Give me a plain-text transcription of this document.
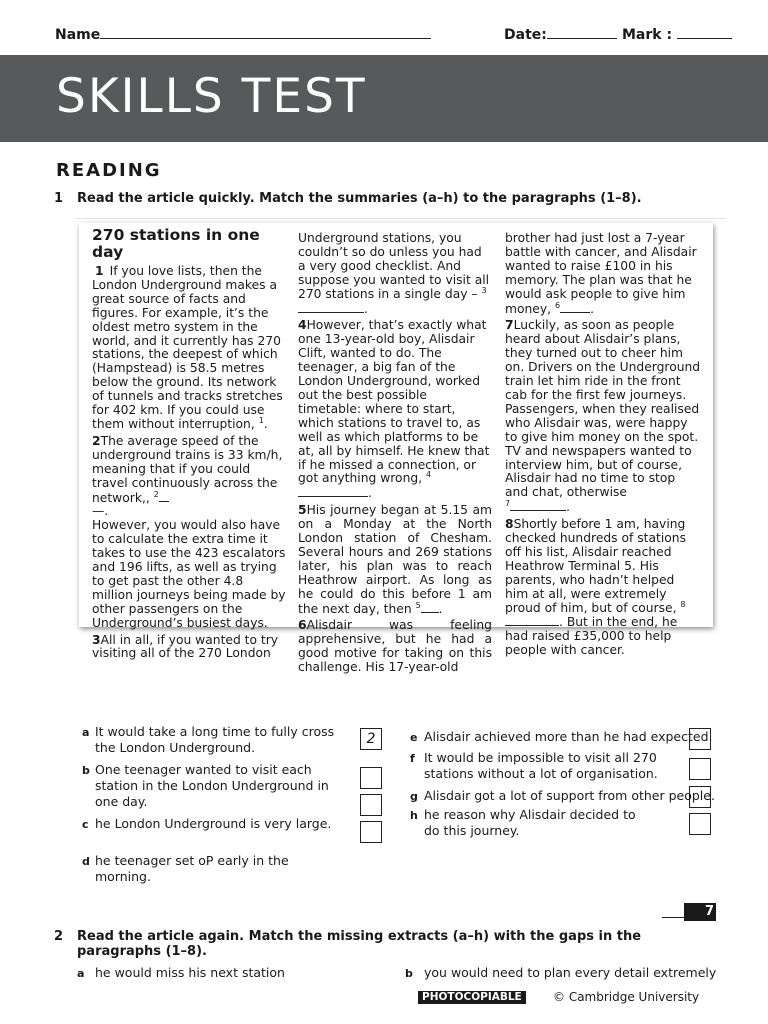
Name	Date:	Mark :
SKILLS TEST
READING
1 Read the article quickly. Match the summaries (a–h) to the paragraphs (1–8).
270 stations in one day

1 If you love lists, then the London Underground makes a great source of facts and figures. For example, it’s the oldest metro system in the world, and it currently has 270 stations, the deepest of which (Hampstead) is 58.5 metres below the ground. Its network of tunnels and tracks stretches for 402 km. If you could use them without interruption, $^1$.

2The average speed of the underground trains is 33 km/h, meaning that if you could travel continuously across the network,, $^2$

—.

However, you would also have to calculate the extra time it takes to use the 423 escalators and 196 lifts, as well as trying to get past the other 4.8 million journeys being made by other passengers on the Underground’s busiest days.

3All in all, if you wanted to try visiting all of the 270 London

Underground stations, you couldn’t so do unless you had a very good checklist. And suppose you wanted to visit all 270 stations in a single day – $^3$.

4However, that’s exactly what one 13-year-old boy, Alisdair Clift, wanted to do. The teenager, a big fan of the London Underground, worked out the best possible timetable: where to start, which stations to travel to, as well as which platforms to be at, all by himself. He knew that if he missed a connection, or got anything wrong, $^4$.

5His journey began at 5.15 am on a Monday at the North London station of Chesham. Several hours and 269 stations later, his plan was to reach Heathrow airport. As long as he could do this before 1 am the next day, then $^5$ .

6Alisdair was feeling apprehensive, but he had a good motive for taking on this challenge. His 17-year-old

brother had just lost a 7-year battle with cancer, and Alisdair wanted to raise £100 in his memory. The plan was that he would ask people to give him money, $^6$ .

7Luckily, as soon as people heard about Alisdair’s plans, they turned out to cheer him on. Drivers on the Underground train let him ride in the front cab for the first few journeys. Passengers, when they realised who Alisdair was, were happy to give him money on the spot. TV and newspapers wanted to interview him, but of course, Alisdair had no time to stop and chat, otherwise

$^7$	.

8Shortly before 1 am, having checked hundreds of stations off his list, Alisdair reached Heathrow Terminal 5. His parents, who hadn’t helped him at all, were extremely proud of him, but of course, $^8$. But in the end, he had raised £35,000 to help people with cancer.

a It would take a long time to fully cross the London Underground.
b One teenager wanted to visit each station in the London Underground in one day.
c he London Underground is very large.
d he teenager set oP early in the morning.
2	e Alisdair achieved more than he had expected.
f It would be impossible to visit all 270 stations without a lot of organisation.
g Alisdair got a lot of support from other people.
h he reason why Alisdair decided to do this journey.
7
2 Read the article again. Match the missing extracts (a–h) with the gaps in the paragraphs (1–8).
a he would miss his next station	b you would need to plan every detail extremely
PHOTOCOPIABLE	© Cambridge University
